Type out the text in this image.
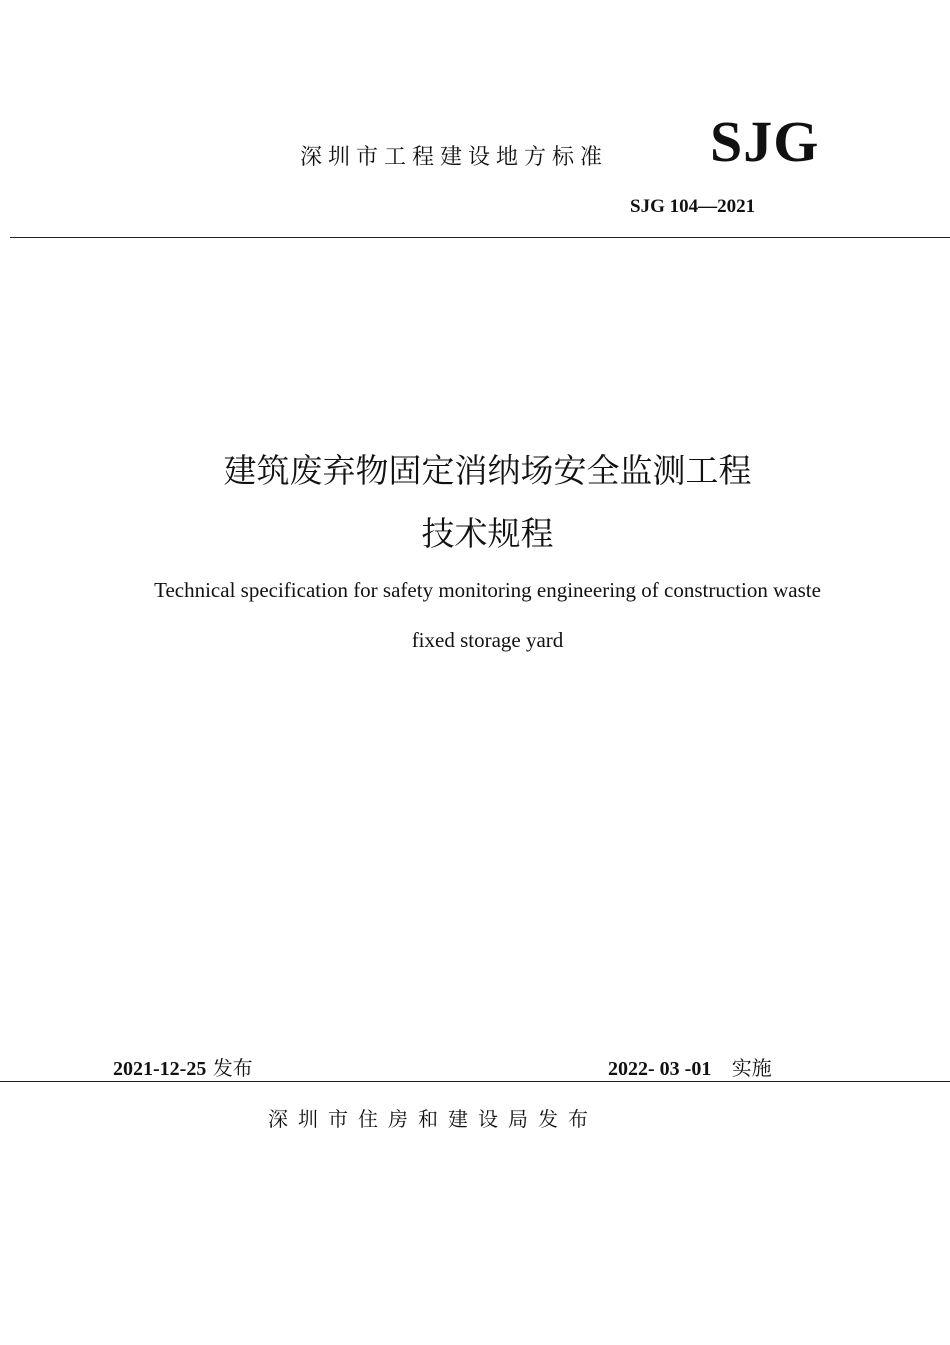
深圳市工程建设地方标准 SJG
SJG 104—2021
建筑废弃物固定消纳场安全监测工程
技术规程
Technical specification for safety monitoring engineering of construction waste
fixed storage yard
2021-12-25 发布	2022- 03 -01 实施
深圳市住房和建设局发布
